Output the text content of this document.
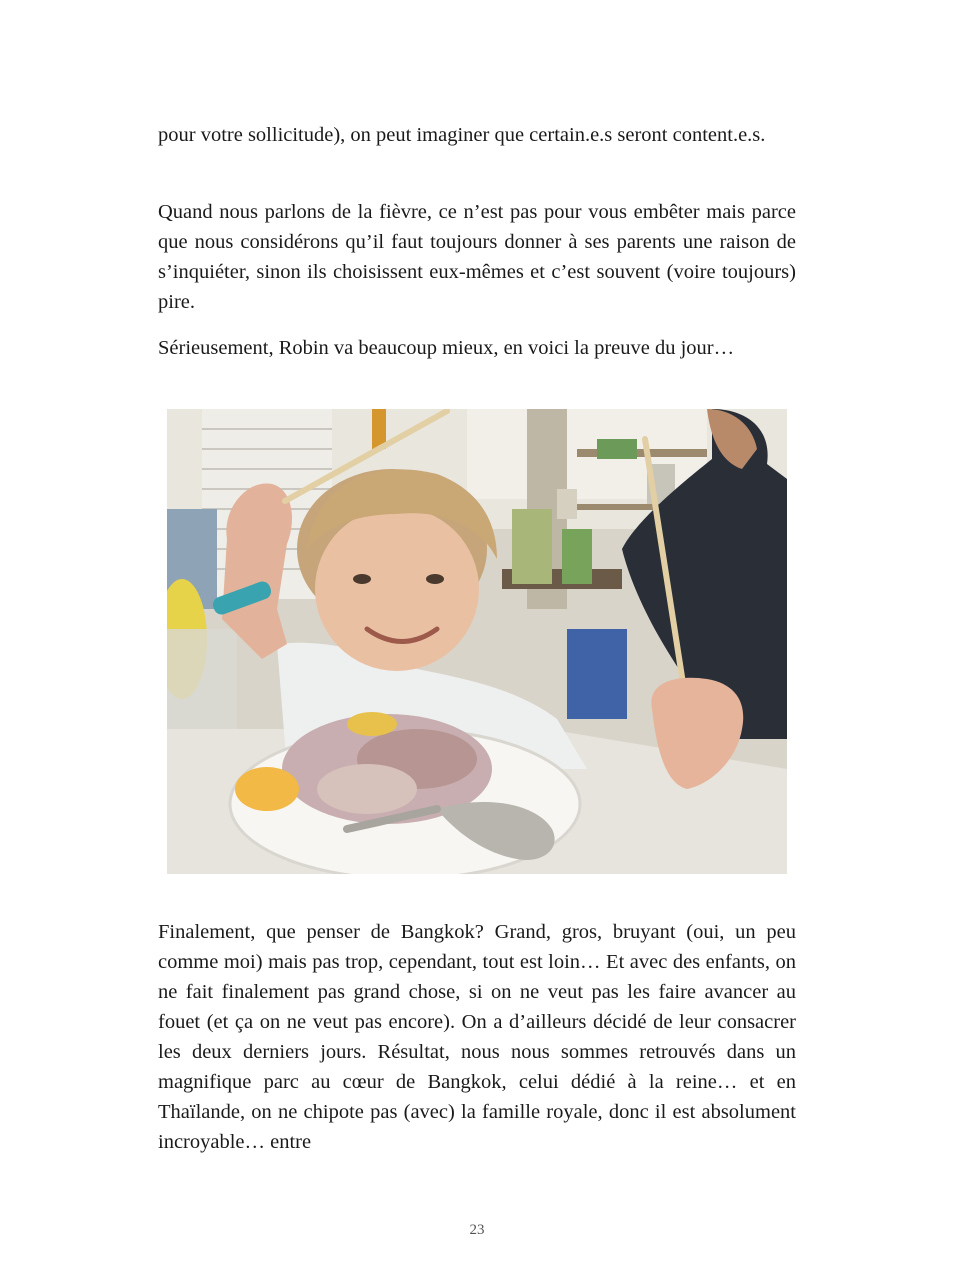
pour votre sollicitude), on peut imaginer que certain.e.s seront content.e.s.

Quand nous parlons de la fièvre, ce n’est pas pour vous embêter mais parce que nous considérons qu’il faut toujours donner à ses parents une raison de s’inquiéter, sinon ils choisissent eux-mêmes et c’est souvent (voire toujours) pire.

Sérieusement, Robin va beaucoup mieux, en voici la preuve du jour…

Finalement, que penser de Bangkok? Grand, gros, bruyant (oui, un peu comme moi) mais pas trop, cependant, tout est loin… Et avec des enfants, on ne fait finalement pas grand chose, si on ne veut pas les faire avancer au fouet (et ça on ne veut pas encore). On a d’ailleurs décidé de leur consacrer les deux derniers jours. Résultat, nous nous sommes retrouvés dans un magnifique parc au cœur de Bangkok, celui dédié à la reine… et en Thaïlande, on ne chipote pas (avec) la famille royale, donc il est absolument incroyable… entre

23
